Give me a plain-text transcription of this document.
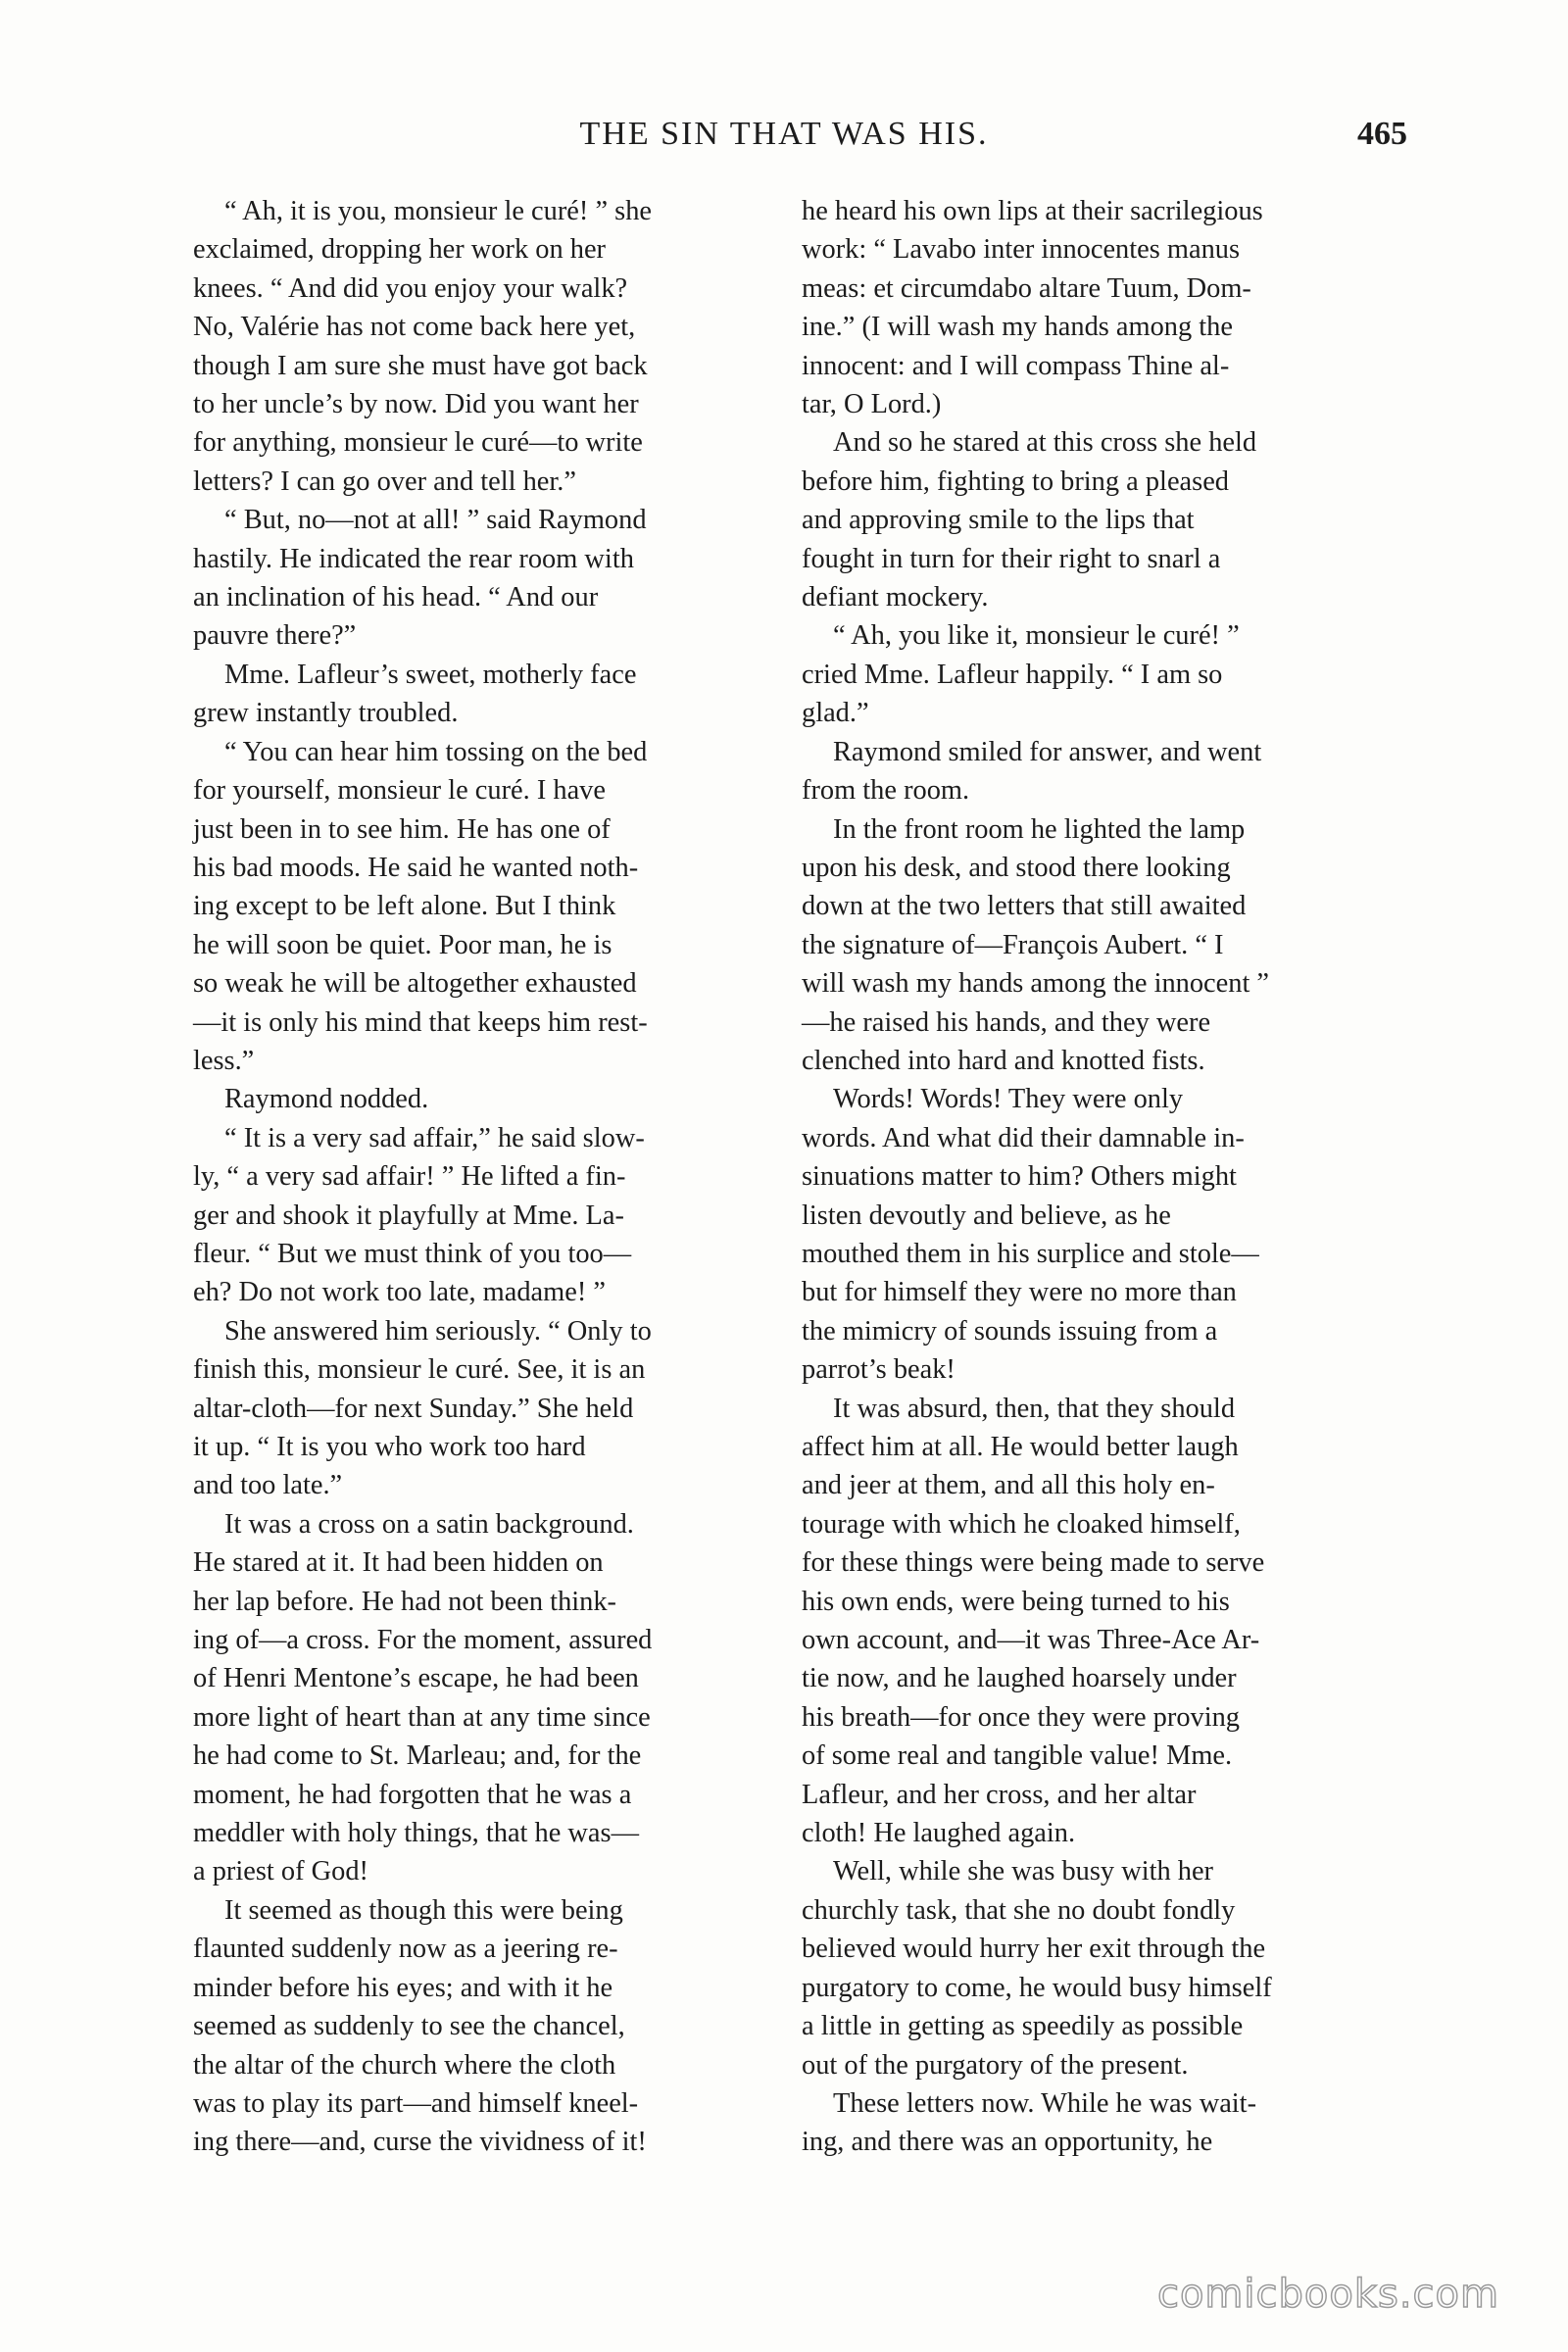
THE SIN THAT WAS HIS.	465
“ Ah, it is you, monsieur le curé! ” she
exclaimed, dropping her work on her
knees. “ And did you enjoy your walk?
No, Valérie has not come back here yet,
though I am sure she must have got back
to her uncle’s by now. Did you want her
for anything, monsieur le curé—to write
letters? I can go over and tell her.”
“ But, no—not at all! ” said Raymond
hastily. He indicated the rear room with
an inclination of his head. “ And our
pauvre there?”
Mme. Lafleur’s sweet, motherly face
grew instantly troubled.
“ You can hear him tossing on the bed
for yourself, monsieur le curé. I have
just been in to see him. He has one of
his bad moods. He said he wanted noth-
ing except to be left alone. But I think
he will soon be quiet. Poor man, he is
so weak he will be altogether exhausted
—it is only his mind that keeps him rest-
less.”
Raymond nodded.
“ It is a very sad affair,” he said slow-
ly, “ a very sad affair! ” He lifted a fin-
ger and shook it playfully at Mme. La-
fleur. “ But we must think of you too—
eh? Do not work too late, madame! ”
She answered him seriously. “ Only to
finish this, monsieur le curé. See, it is an
altar-cloth—for next Sunday.” She held
it up. “ It is you who work too hard
and too late.”
It was a cross on a satin background.
He stared at it. It had been hidden on
her lap before. He had not been think-
ing of—a cross. For the moment, assured
of Henri Mentone’s escape, he had been
more light of heart than at any time since
he had come to St. Marleau; and, for the
moment, he had forgotten that he was a
meddler with holy things, that he was—
a priest of God!
It seemed as though this were being
flaunted suddenly now as a jeering re-
minder before his eyes; and with it he
seemed as suddenly to see the chancel,
the altar of the church where the cloth
was to play its part—and himself kneel-
ing there—and, curse the vividness of it!
he heard his own lips at their sacrilegious
work: “ Lavabo inter innocentes manus
meas: et circumdabo altare Tuum, Dom-
ine.” (I will wash my hands among the
innocent: and I will compass Thine al-
tar, O Lord.)
And so he stared at this cross she held
before him, fighting to bring a pleased
and approving smile to the lips that
fought in turn for their right to snarl a
defiant mockery.
“ Ah, you like it, monsieur le curé! ”
cried Mme. Lafleur happily. “ I am so
glad.”
Raymond smiled for answer, and went
from the room.
In the front room he lighted the lamp
upon his desk, and stood there looking
down at the two letters that still awaited
the signature of—François Aubert. “ I
will wash my hands among the innocent ”
—he raised his hands, and they were
clenched into hard and knotted fists.
Words! Words! They were only
words. And what did their damnable in-
sinuations matter to him? Others might
listen devoutly and believe, as he
mouthed them in his surplice and stole—
but for himself they were no more than
the mimicry of sounds issuing from a
parrot’s beak!
It was absurd, then, that they should
affect him at all. He would better laugh
and jeer at them, and all this holy en-
tourage with which he cloaked himself,
for these things were being made to serve
his own ends, were being turned to his
own account, and—it was Three-Ace Ar-
tie now, and he laughed hoarsely under
his breath—for once they were proving
of some real and tangible value! Mme.
Lafleur, and her cross, and her altar
cloth! He laughed again.
Well, while she was busy with her
churchly task, that she no doubt fondly
believed would hurry her exit through the
purgatory to come, he would busy himself
a little in getting as speedily as possible
out of the purgatory of the present.
These letters now. While he was wait-
ing, and there was an opportunity, he
comicbooks.com
